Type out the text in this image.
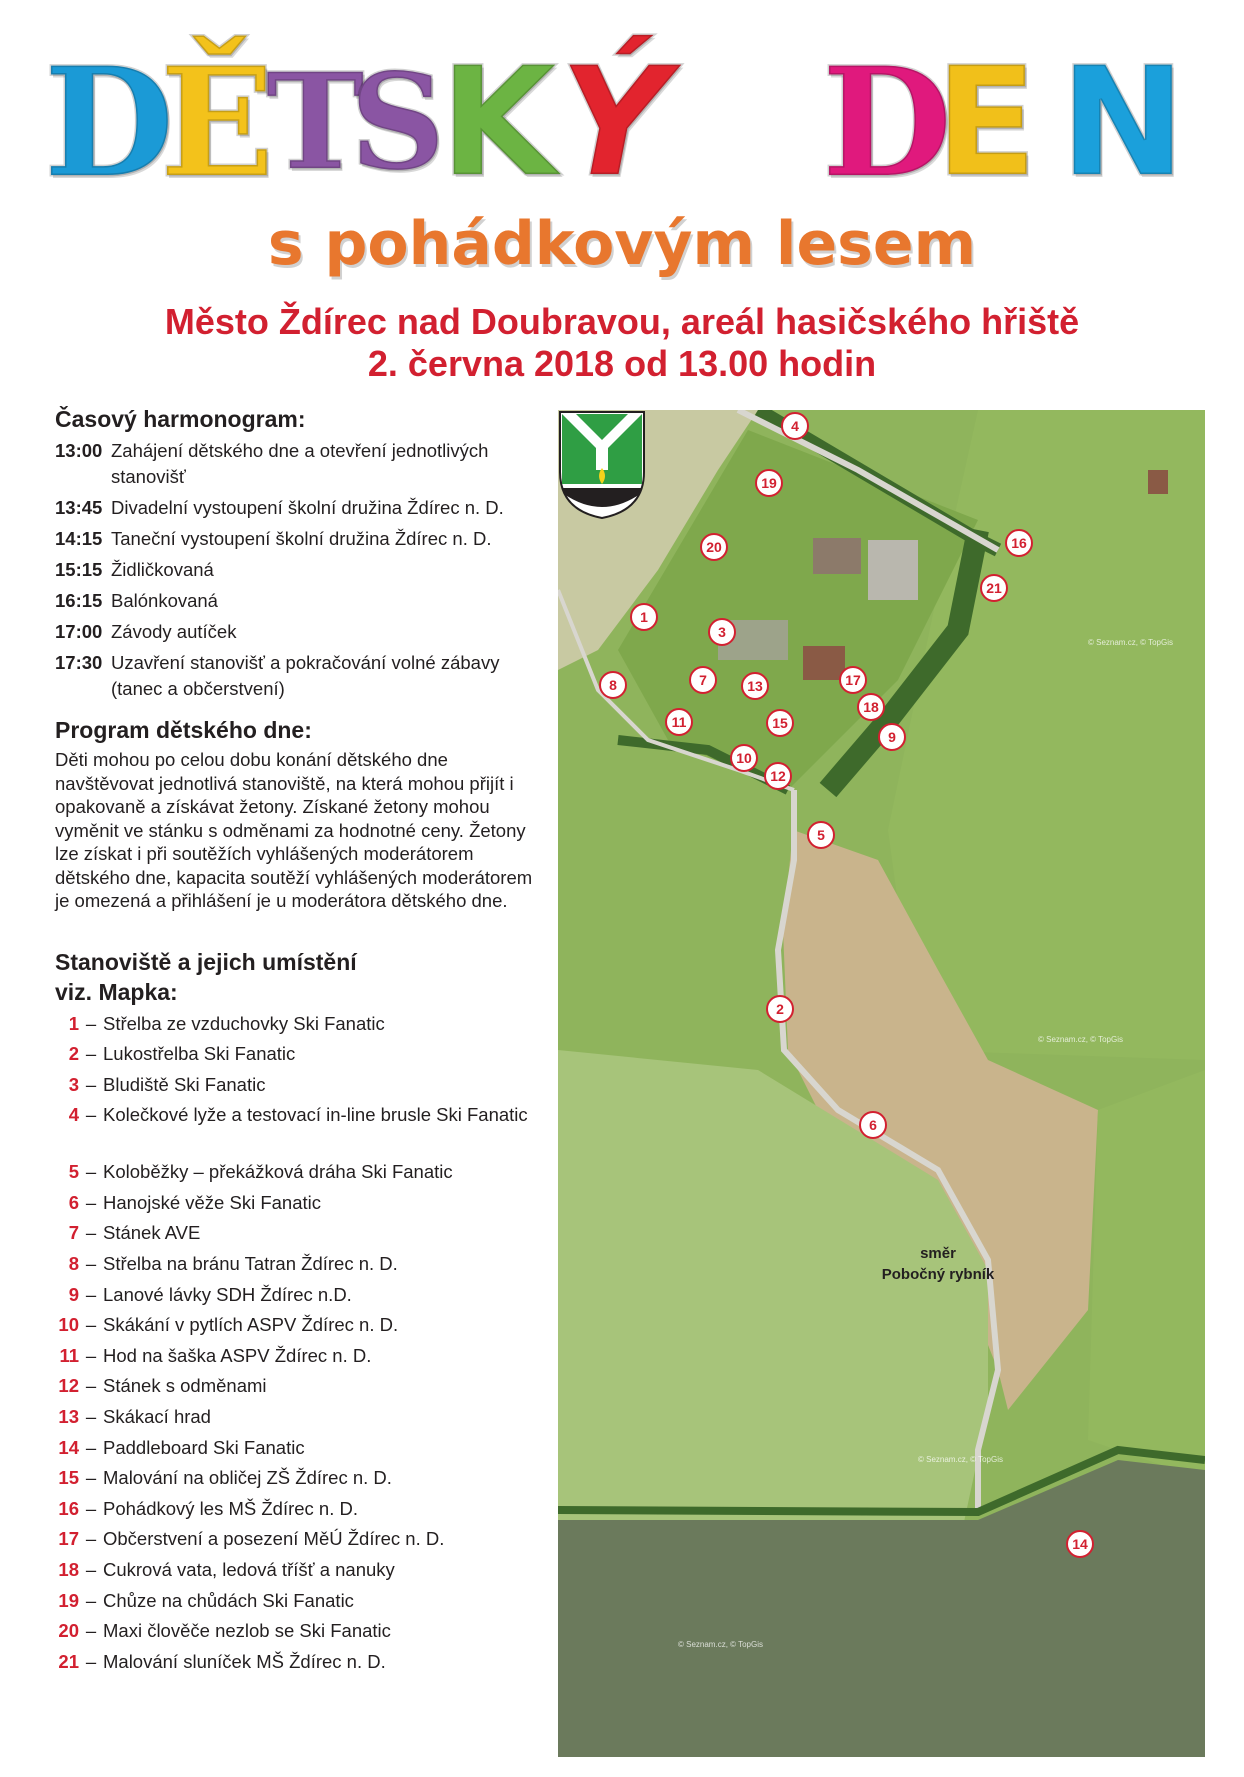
D
Ě
T
S
K Ý D
E N
s pohádkovým lesem
Město Ždírec nad Doubravou, areál hasičského hřiště
2. června 2018 od 13.00 hodin
Časový harmonogram:
13:00 Zahájení dětského dne a otevření jednotlivých stanovišť
13:45 Divadelní vystoupení školní družina Ždírec n. D.
14:15 Taneční vystoupení školní družina Ždírec n. D.
15:15 Židličkovaná
16:15 Balónkovaná
17:00 Závody autíček
17:30 Uzavření stanovišť a pokračování volné zábavy (tanec a občerstvení)
Program dětského dne:
Děti mohou po celou dobu konání dětského dne navštěvovat jednotlivá stanoviště, na která mohou přijít i opakovaně a získávat žetony. Získané žetony mohou vyměnit ve stánku s odměnami za hodnotné ceny. Žetony lze získat i při soutěžích vyhlášených moderátorem dětského dne, kapacita soutěží vyhlášených moderátorem je omezená a přihlášení je u moderátora dětského dne.
Stanoviště a jejich umístění
viz. Mapka:
1 – Střelba ze vzduchovky Ski Fanatic
2 – Lukostřelba Ski Fanatic
3 – Bludiště Ski Fanatic
4 – Kolečkové lyže a testovací in-line brusle Ski Fanatic
5 – Koloběžky – překážková dráha Ski Fanatic
6 – Hanojské věže Ski Fanatic
7 – Stánek AVE
8 – Střelba na bránu Tatran Ždírec n. D.
9 – Lanové lávky SDH Ždírec n.D.
10 – Skákání v pytlích ASPV Ždírec n. D.
11 – Hod na šaška ASPV Ždírec n. D.
12 – Stánek s odměnami
13 – Skákací hrad
14 – Paddleboard Ski Fanatic
15 – Malování na obličej ZŠ Ždírec n. D.
16 – Pohádkový les MŠ Ždírec n. D.
17 – Občerstvení a posezení MěÚ Ždírec n. D.
18 – Cukrová vata, ledová tříšť a nanuky
19 – Chůze na chůdách Ski Fanatic
20 – Maxi člověče nezlob se Ski Fanatic
21 – Malování sluníček MŠ Ždírec n. D.
4
19
16
20
21
1
3
8	7	13	17
18
11	15
9
10
12
5
2
6
14
směr
Pobočný rybník
© Seznam.cz, © TopGis
© Seznam.cz, © TopGis
© Seznam.cz, © TopGis
© Seznam.cz, © TopGis
